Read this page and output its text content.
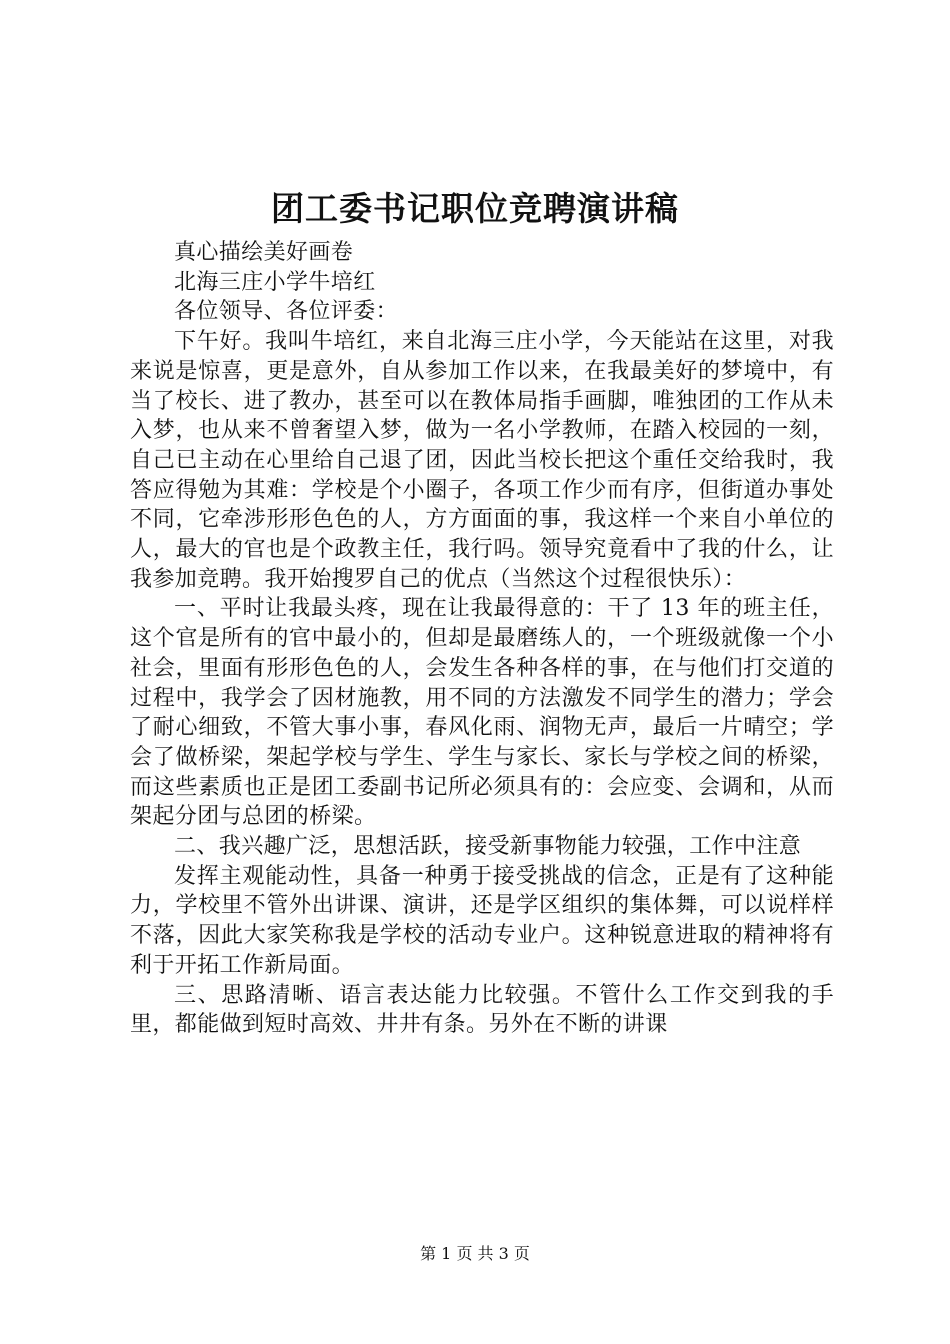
团工委书记职位竞聘演讲稿

真心描绘美好画卷

北海三庄小学牛培红

各位领导、各位评委：

下午好。我叫牛培红，来自北海三庄小学，今天能站在这里，对我来说是惊喜，更是意外，自从参加工作以来，在我最美好的梦境中，有当了校长、进了教办，甚至可以在教体局指手画脚，唯独团的工作从未入梦，也从来不曾奢望入梦，做为一名小学教师，在踏入校园的一刻，自己已主动在心里给自己退了团，因此当校长把这个重任交给我时，我答应得勉为其难：学校是个小圈子，各项工作少而有序，但街道办事处不同，它牵涉形形色色的人，方方面面的事，我这样一个来自小单位的人，最大的官也是个政教主任，我行吗。领导究竟看中了我的什么，让我参加竞聘。我开始搜罗自己的优点（当然这个过程很快乐）：

一、平时让我最头疼，现在让我最得意的：干了 13 年的班主任，这个官是所有的官中最小的，但却是最磨练人的，一个班级就像一个小社会，里面有形形色色的人，会发生各种各样的事，在与他们打交道的过程中，我学会了因材施教，用不同的方法激发不同学生的潜力；学会了耐心细致，不管大事小事，春风化雨、润物无声，最后一片晴空；学会了做桥梁，架起学校与学生、学生与家长、家长与学校之间的桥梁，而这些素质也正是团工委副书记所必须具有的：会应变、会调和，从而架起分团与总团的桥梁。

二、我兴趣广泛，思想活跃，接受新事物能力较强，工作中注意

发挥主观能动性，具备一种勇于接受挑战的信念，正是有了这种能力，学校里不管外出讲课、演讲，还是学区组织的集体舞，可以说样样不落，因此大家笑称我是学校的活动专业户。这种锐意进取的精神将有利于开拓工作新局面。

三、思路清晰、语言表达能力比较强。不管什么工作交到我的手里，都能做到短时高效、井井有条。另外在不断的讲课

第 1 页 共 3 页
